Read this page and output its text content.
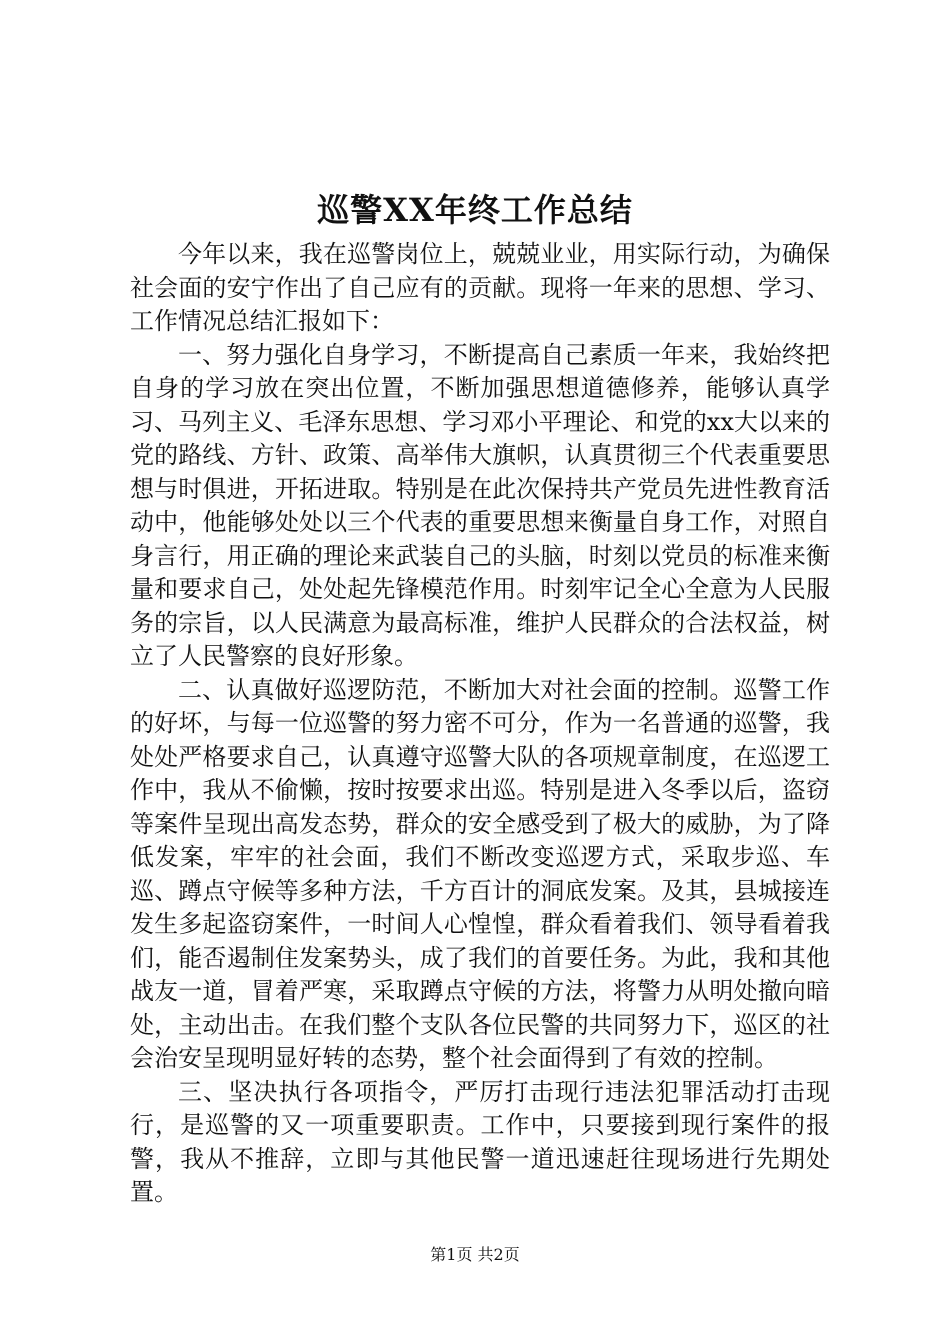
巡警XX年终工作总结

今年以来，我在巡警岗位上，兢兢业业，用实际行动，为确保社会面的安宁作出了自己应有的贡献。现将一年来的思想、学习、工作情况总结汇报如下：

一、努力强化自身学习，不断提高自己素质一年来，我始终把自身的学习放在突出位置，不断加强思想道德修养，能够认真学习、马列主义、毛泽东思想、学习邓小平理论、和党的xx大以来的党的路线、方针、政策、高举伟大旗帜，认真贯彻三个代表重要思想与时俱进，开拓进取。特别是在此次保持共产党员先进性教育活动中，他能够处处以三个代表的重要思想来衡量自身工作，对照自身言行，用正确的理论来武装自己的头脑，时刻以党员的标准来衡量和要求自己，处处起先锋模范作用。时刻牢记全心全意为人民服务的宗旨，以人民满意为最高标准，维护人民群众的合法权益，树立了人民警察的良好形象。

二、认真做好巡逻防范，不断加大对社会面的控制。巡警工作的好坏，与每一位巡警的努力密不可分，作为一名普通的巡警，我处处严格要求自己，认真遵守巡警大队的各项规章制度，在巡逻工作中，我从不偷懒，按时按要求出巡。特别是进入冬季以后，盗窃等案件呈现出高发态势，群众的安全感受到了极大的威胁，为了降低发案，牢牢的社会面，我们不断改变巡逻方式，采取步巡、车巡、蹲点守候等多种方法，千方百计的洞底发案。及其，县城接连发生多起盗窃案件，一时间人心惶惶，群众看着我们、领导看着我们，能否遏制住发案势头，成了我们的首要任务。为此，我和其他战友一道，冒着严寒，采取蹲点守候的方法，将警力从明处撤向暗处，主动出击。在我们整个支队各位民警的共同努力下，巡区的社会治安呈现明显好转的态势，整个社会面得到了有效的控制。

三、坚决执行各项指令，严厉打击现行违法犯罪活动打击现行，是巡警的又一项重要职责。工作中，只要接到现行案件的报警，我从不推辞，立即与其他民警一道迅速赶往现场进行先期处置。

第1页 共2页
